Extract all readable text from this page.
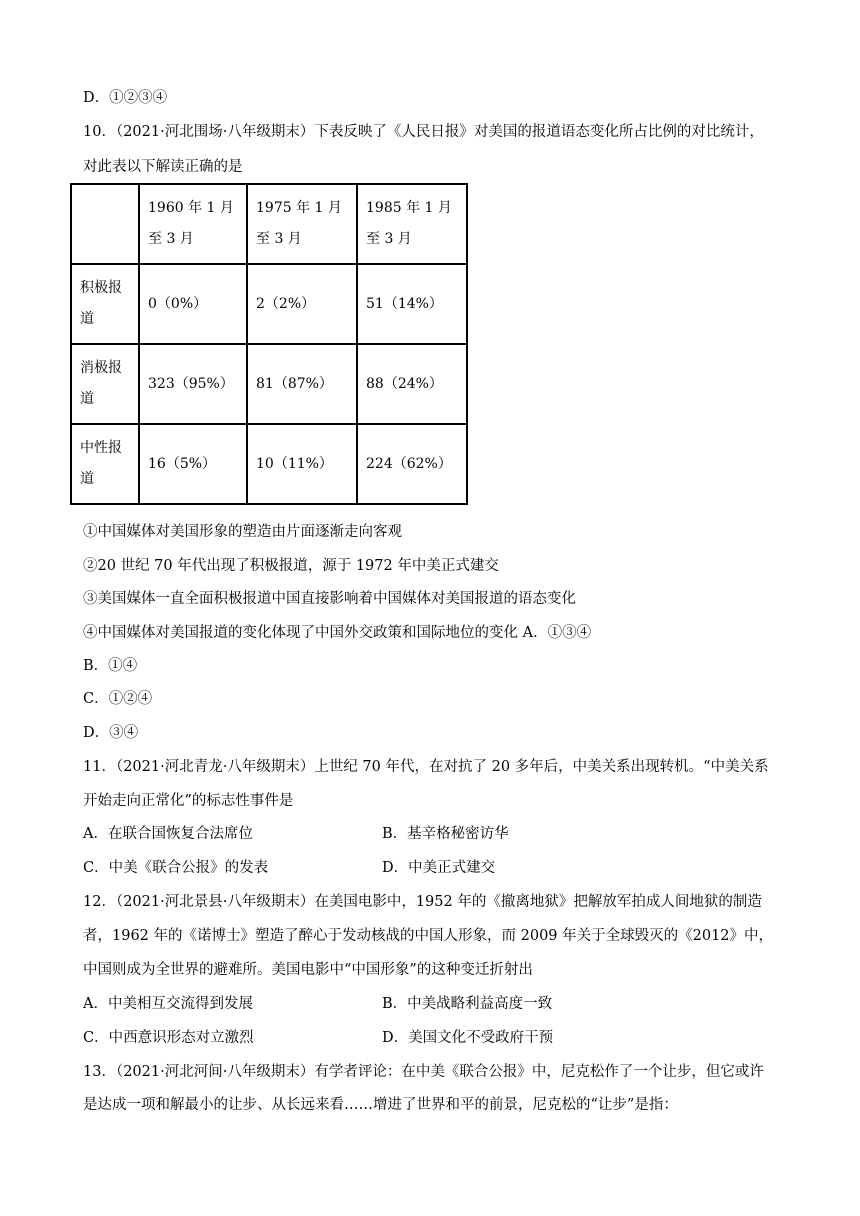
D．①②③④
10．（2021·河北围场·八年级期末）下表反映了《人民日报》对美国的报道语态变化所占比例的对比统计，
对此表以下解读正确的是
	1960 年 1 月至 3 月	1975 年 1 月至 3 月	1985 年 1 月至 3 月
积极报道	0（0%）	2（2%）	51（14%）
消极报道	323（95%）	81（87%）	88（24%）
中性报道	16（5%）	10（11%）	224（62%）
①中国媒体对美国形象的塑造由片面逐渐走向客观
②20 世纪 70 年代出现了积极报道，源于 1972 年中美正式建交
③美国媒体一直全面积极报道中国直接影响着中国媒体对美国报道的语态变化
④中国媒体对美国报道的变化体现了中国外交政策和国际地位的变化 A．①③④
B．①④
C．①②④
D．③④
11．（2021·河北青龙·八年级期末）上世纪 70 年代，在对抗了 20 多年后，中美关系出现转机。“中美关系
开始走向正常化”的标志性事件是
A．在联合国恢复合法席位	B．基辛格秘密访华
C．中美《联合公报》的发表	D．中美正式建交
12．（2021·河北景县·八年级期末）在美国电影中，1952 年的《撤离地狱》把解放军拍成人间地狱的制造
者，1962 年的《诺博士》塑造了醉心于发动核战的中国人形象，而 2009 年关于全球毁灭的《2012》中，
中国则成为全世界的避难所。美国电影中“中国形象”的这种变迁折射出
A．中美相互交流得到发展	B．中美战略利益高度一致
C．中西意识形态对立激烈	D．美国文化不受政府干预
13．（2021·河北河间·八年级期末）有学者评论：在中美《联合公报》中，尼克松作了一个让步，但它或许
是达成一项和解最小的让步、从长远来看……增进了世界和平的前景，尼克松的“让步”是指：
